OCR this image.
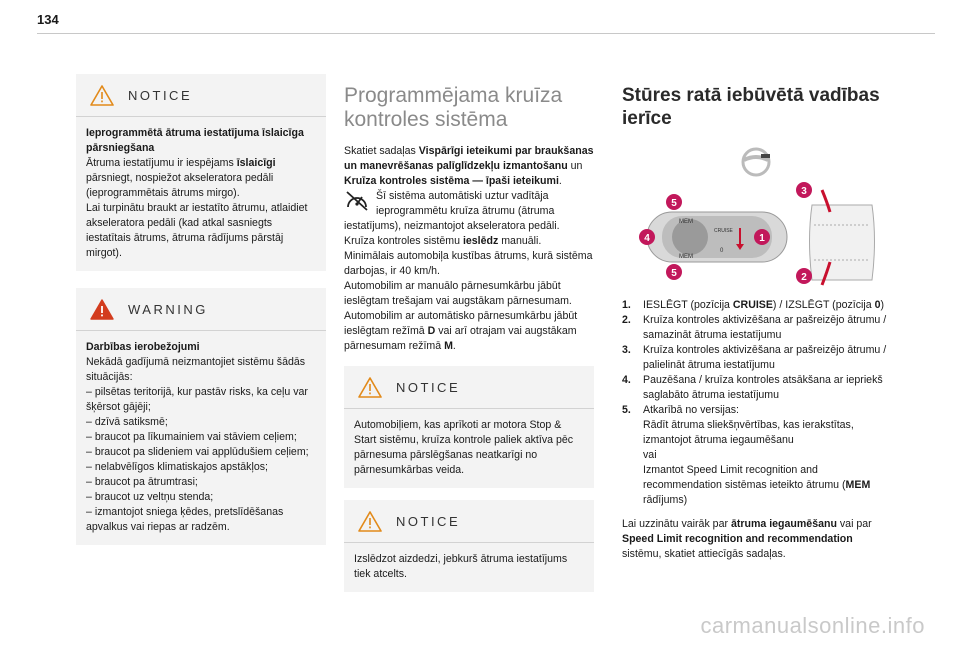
134
NOTICE

Ieprogrammētā ātruma iestatījuma īslaicīga pārsniegšana

Ātruma iestatījumu ir iespējams īslaicīgi pārsniegt, nospiežot akseleratora pedāli (ieprogrammētais ātrums mirgo).

Lai turpinātu braukt ar iestatīto ātrumu, atlaidiet akseleratora pedāli (kad atkal sasniegts iestatītais ātrums, ātruma rādījums pārstāj mirgot).

WARNING

Darbības ierobežojumi

Nekādā gadījumā neizmantojiet sistēmu šādās situācijās:

– pilsētas teritorijā, kur pastāv risks, ka ceļu var šķērsot gājēji;

– dzīvā satiksmē;

– braucot pa līkumainiem vai stāviem ceļiem;

– braucot pa slideniem vai applūdušiem ceļiem;

– nelabvēlīgos klimatiskajos apstākļos;

– braucot pa ātrumtrasi;

– braucot uz veltņu stenda;

– izmantojot sniega ķēdes, pretslīdēšanas apvalkus vai riepas ar radzēm.

Programmējama kruīza kontroles sistēma

Skatiet sadaļas Vispārīgi ieteikumi par braukšanas un manevrēšanas palīglīdzekļu izmantošanu un Kruīza kontroles sistēma — īpaši ieteikumi.

Šī sistēma automātiski uztur vadītāja ieprogrammētu kruīza ātrumu (ātruma iestatījums), neizmantojot akseleratora pedāli.

Kruīza kontroles sistēmu ieslēdz manuāli.

Minimālais automobiļa kustības ātrums, kurā sistēma darbojas, ir 40 km/h.

Automobilim ar manuālo pārnesumkārbu jābūt ieslēgtam trešajam vai augstākam pārnesumam.

Automobilim ar automātisko pārnesumkārbu jābūt ieslēgtam režīmā D vai arī otrajam vai augstākam pārnesumam režīmā M.

NOTICE

Automobiļiem, kas aprīkoti ar motora Stop & Start sistēmu, kruīza kontrole paliek aktīva pēc pārnesuma pārslēgšanas neatkarīgi no pārnesumkārbas veida.

NOTICE

Izslēdzot aizdedzi, jebkurš ātruma iestatījums tiek atcelts.

Stūres ratā iebūvētā vadības ierīce
MEM
MEM
CRUISE
0
5
4
5
1
3
2
1. IESLĒGT (pozīcija CRUISE) / IZSLĒGT (pozīcija 0)
2. Kruīza kontroles aktivizēšana ar pašreizējo ātrumu / samazināt ātruma iestatījumu
3. Kruīza kontroles aktivizēšana ar pašreizējo ātrumu / palielināt ātruma iestatījumu
4. Pauzēšana / kruīza kontroles atsākšana ar iepriekš saglabāto ātruma iestatījumu
5. Atkarībā no versijas:
Rādīt ātruma sliekšņvērtības, kas ierakstītas, izmantojot ātruma iegaumēšanu
vai
Izmantot Speed Limit recognition and recommendation sistēmas ieteikto ātrumu (MEM rādījums)

Lai uzzinātu vairāk par ātruma iegaumēšanu vai par Speed Limit recognition and recommendation sistēmu, skatiet attiecīgās sadaļas.

carmanualsonline.info
